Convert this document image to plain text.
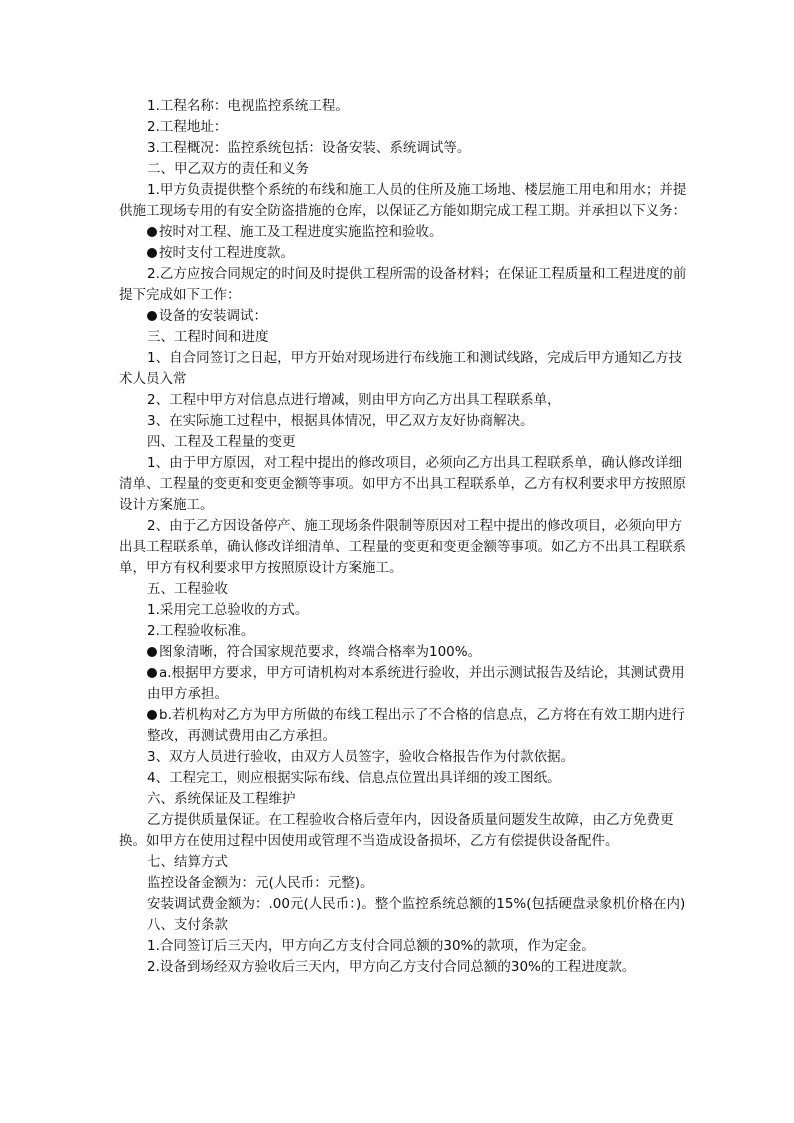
1.工程名称：电视监控系统工程。
2.工程地址：
3.工程概况：监控系统包括：设备安装、系统调试等。
二、甲乙双方的责任和义务
1.甲方负责提供整个系统的布线和施工人员的住所及施工场地、楼层施工用电和用水；并提供施工现场专用的有安全防盗措施的仓库，以保证乙方能如期完成工程工期。并承担以下义务：
按时对工程、施工及工程进度实施监控和验收。
按时支付工程进度款。
2.乙方应按合同规定的时间及时提供工程所需的设备材料；在保证工程质量和工程进度的前提下完成如下工作：
设备的安装调试：
三、工程时间和进度
1、自合同签订之日起，甲方开始对现场进行布线施工和测试线路，完成后甲方通知乙方技术人员入常
2、工程中甲方对信息点进行增减，则由甲方向乙方出具工程联系单，
3、在实际施工过程中，根据具体情况，甲乙双方友好协商解决。
四、工程及工程量的变更
1、由于甲方原因，对工程中提出的修改项目，必须向乙方出具工程联系单，确认修改详细清单、工程量的变更和变更金额等事项。如甲方不出具工程联系单，乙方有权利要求甲方按照原设计方案施工。
2、由于乙方因设备停产、施工现场条件限制等原因对工程中提出的修改项目，必须向甲方出具工程联系单，确认修改详细清单、工程量的变更和变更金额等事项。如乙方不出具工程联系单，甲方有权利要求甲方按照原设计方案施工。
五、工程验收
1.采用完工总验收的方式。
2.工程验收标准。
图象清晰，符合国家规范要求，终端合格率为100%。
a.根据甲方要求，甲方可请机构对本系统进行验收，并出示测试报告及结论，其测试费用由甲方承担。
b.若机构对乙方为甲方所做的布线工程出示了不合格的信息点，乙方将在有效工期内进行整改，再测试费用由乙方承担。
3、双方人员进行验收，由双方人员签字，验收合格报告作为付款依据。
4、工程完工，则应根据实际布线、信息点位置出具详细的竣工图纸。
六、系统保证及工程维护
乙方提供质量保证。在工程验收合格后壹年内，因设备质量问题发生故障，由乙方免费更换。如甲方在使用过程中因使用或管理不当造成设备损坏，乙方有偿提供设备配件。
七、结算方式
监控设备金额为：元(人民币：元整)。
安装调试费金额为：.00元(人民币：)。整个监控系统总额的15%(包括硬盘录象机价格在内)
八、支付条款
1.合同签订后三天内，甲方向乙方支付合同总额的30%的款项，作为定金。
2.设备到场经双方验收后三天内，甲方向乙方支付合同总额的30%的工程进度款。
